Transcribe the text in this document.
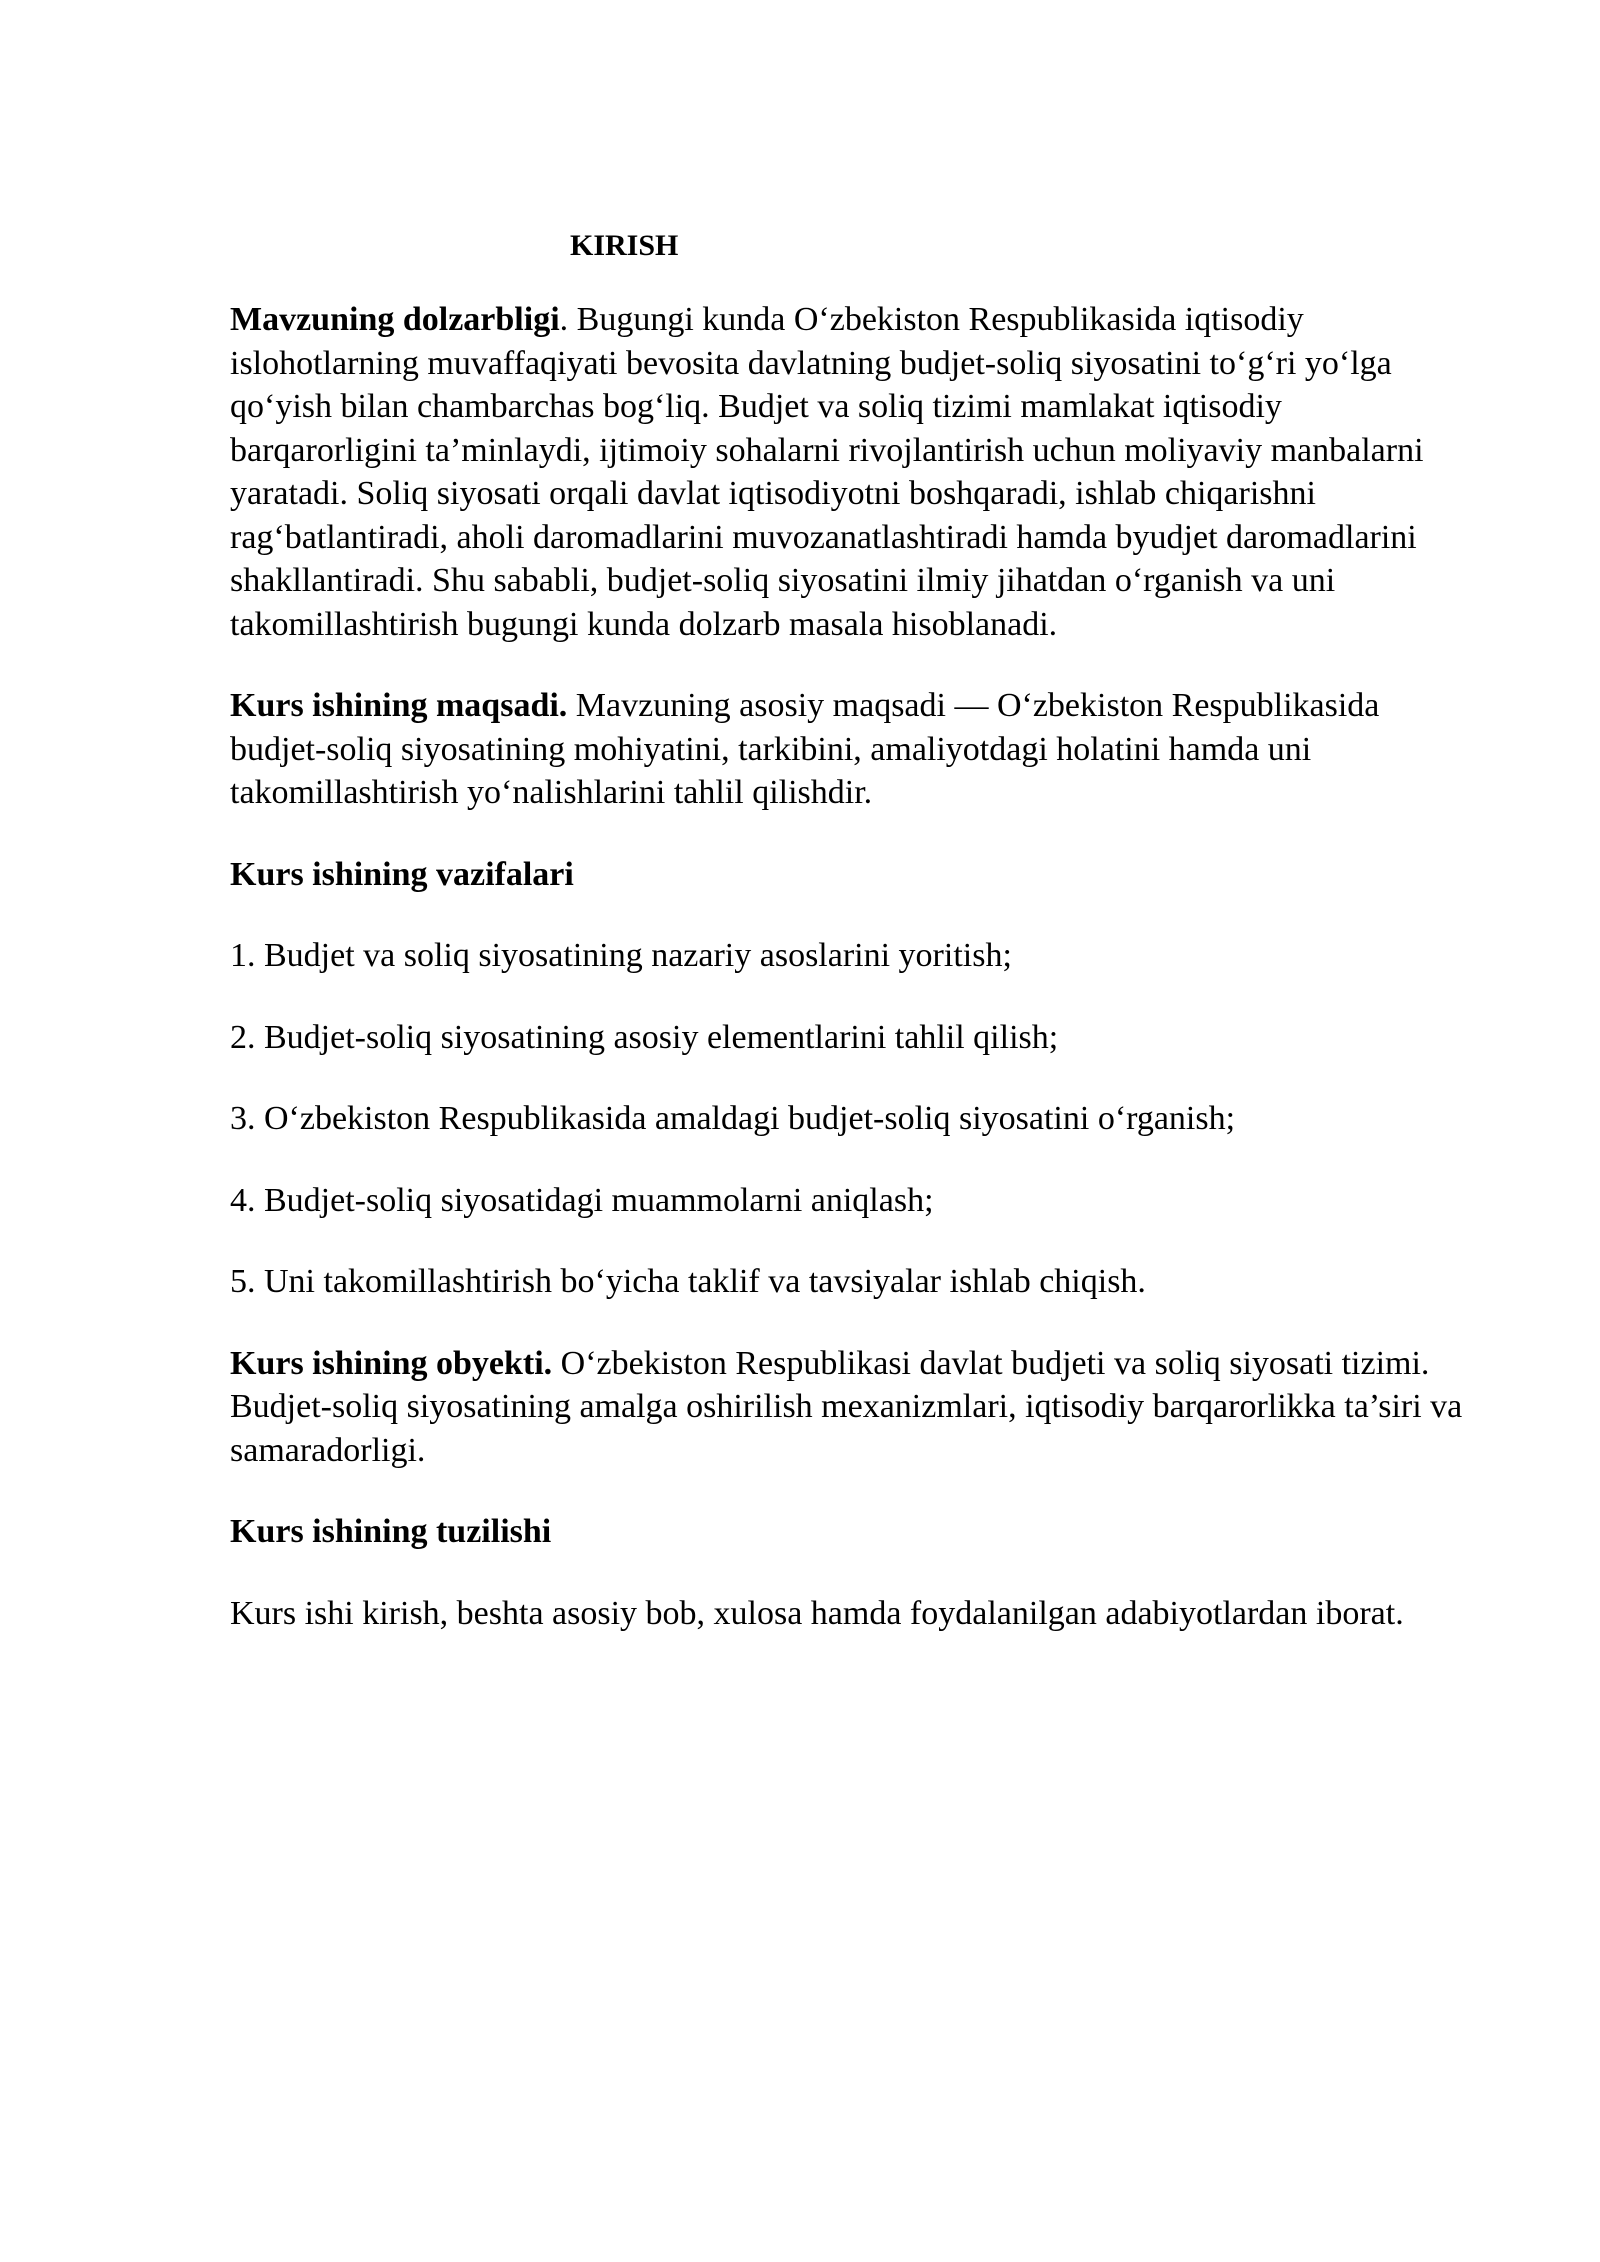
KIRISH

Mavzuning dolzarbligi. Bugungi kunda O‘zbekiston Respublikasida iqtisodiy islohotlarning muvaffaqiyati bevosita davlatning budjet-soliq siyosatini to‘g‘ri yo‘lga qo‘yish bilan chambarchas bog‘liq. Budjet va soliq tizimi mamlakat iqtisodiy barqarorligini ta’minlaydi, ijtimoiy sohalarni rivojlantirish uchun moliyaviy manbalarni yaratadi. Soliq siyosati orqali davlat iqtisodiyotni boshqaradi, ishlab chiqarishni rag‘batlantiradi, aholi daromadlarini muvozanatlashtiradi hamda byudjet daromadlarini shakllantiradi. Shu sababli, budjet-soliq siyosatini ilmiy jihatdan o‘rganish va uni takomillashtirish bugungi kunda dolzarb masala hisoblanadi.

Kurs ishining maqsadi. Mavzuning asosiy maqsadi — O‘zbekiston Respublikasida budjet-soliq siyosatining mohiyatini, tarkibini, amaliyotdagi holatini hamda uni takomillashtirish yo‘nalishlarini tahlil qilishdir.

Kurs ishining vazifalari
1. Budjet va soliq siyosatining nazariy asoslarini yoritish;
2. Budjet-soliq siyosatining asosiy elementlarini tahlil qilish;
3. O‘zbekiston Respublikasida amaldagi budjet-soliq siyosatini o‘rganish;
4. Budjet-soliq siyosatidagi muammolarni aniqlash;
5. Uni takomillashtirish bo‘yicha taklif va tavsiyalar ishlab chiqish.

Kurs ishining obyekti. O‘zbekiston Respublikasi davlat budjeti va soliq siyosati tizimi. Budjet-soliq siyosatining amalga oshirilish mexanizmlari, iqtisodiy barqarorlikka ta’siri va samaradorligi.

Kurs ishining tuzilishi

Kurs ishi kirish, beshta asosiy bob, xulosa hamda foydalanilgan adabiyotlardan iborat.
